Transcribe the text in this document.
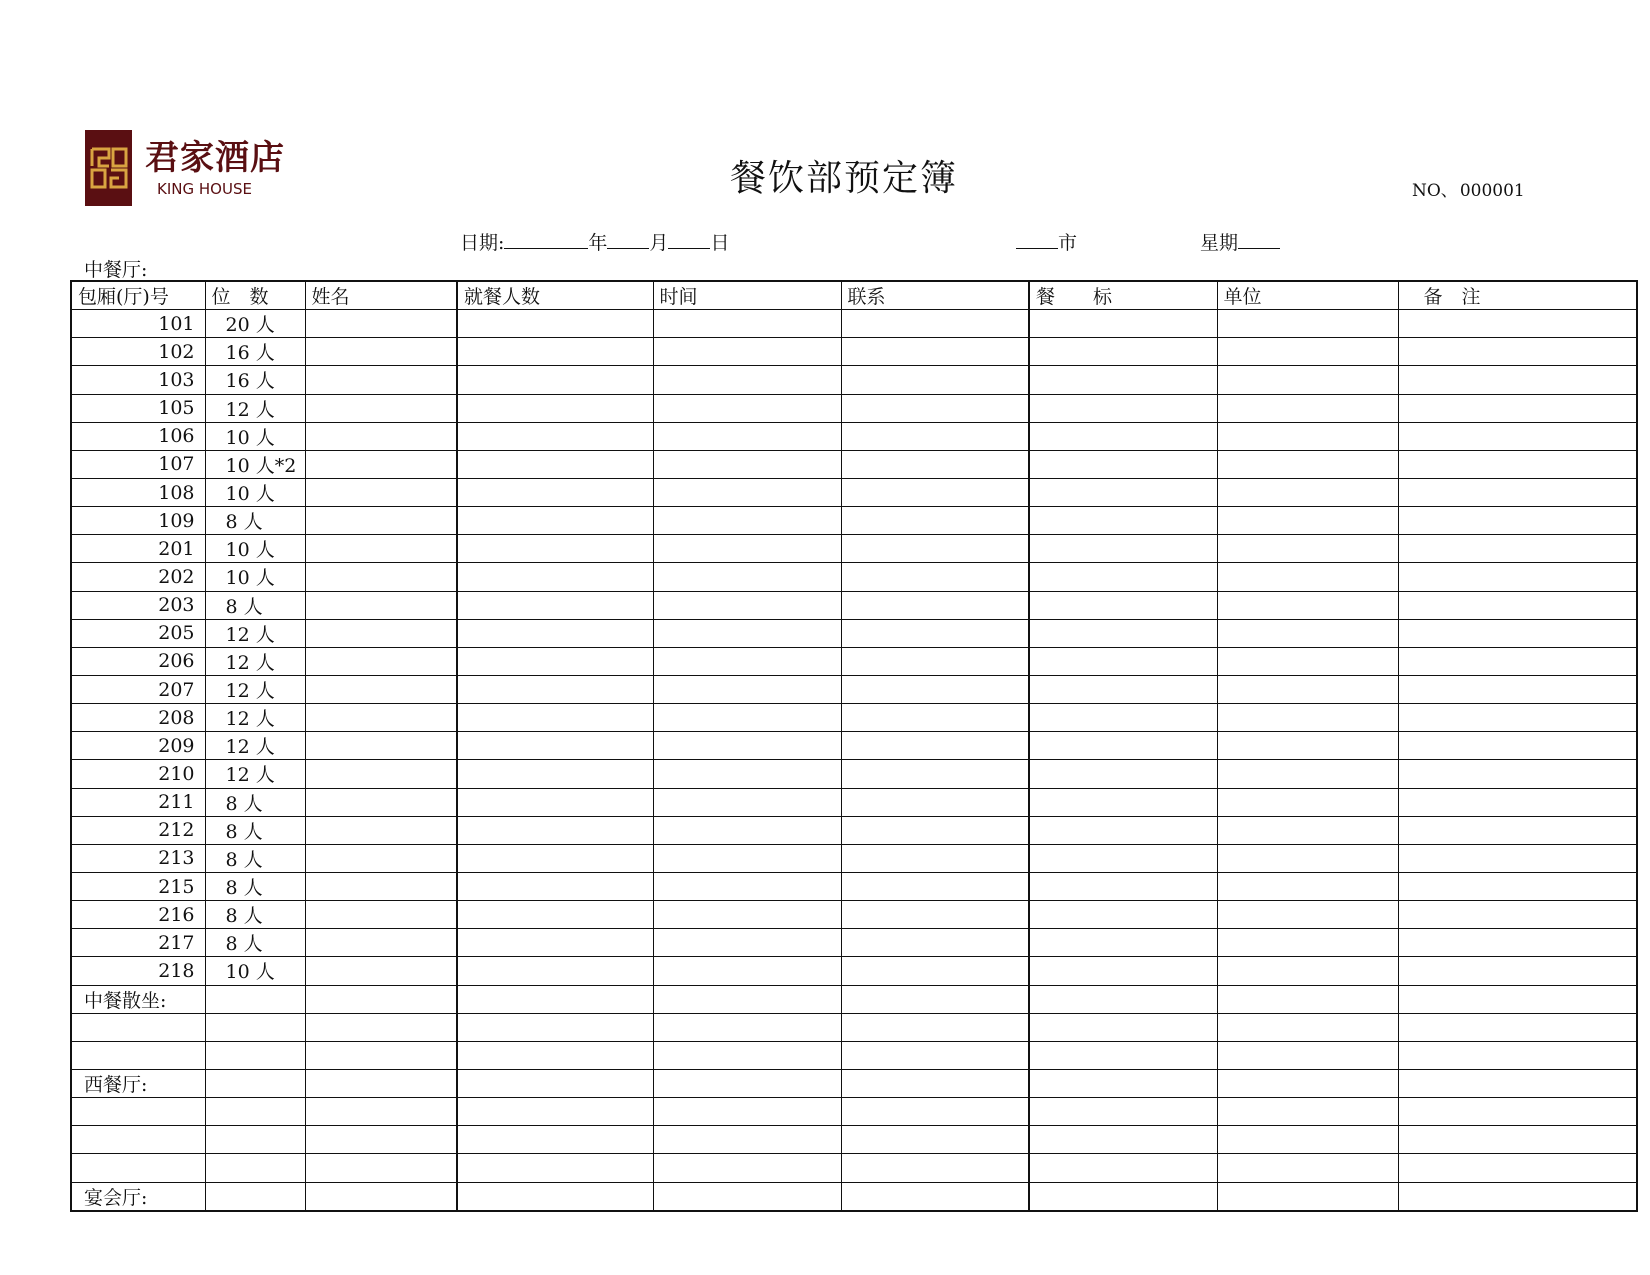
君家酒店
KING HOUSE	餐饮部预定簿	NO、 000001
日期:	年 月 日	市	星期
中餐厅:
包厢(厅)号	位　数	姓名	就餐人数	时间	联系	餐　　标	单位	　备　注
101	20 人							
102	16 人							
103	16 人							
105	12 人							
106	10 人							
107	10 人*2							
108	10 人							
109	8 人							
201	10 人							
202	10 人							
203	8 人							
205	12 人							
206	12 人							
207	12 人							
208	12 人							
209	12 人							
210	12 人							
211	8 人							
212	8 人							
213	8 人							
215	8 人							
216	8 人							
217	8 人							
218	10 人							
中餐散坐:								

西餐厅:								

宴会厅:								
